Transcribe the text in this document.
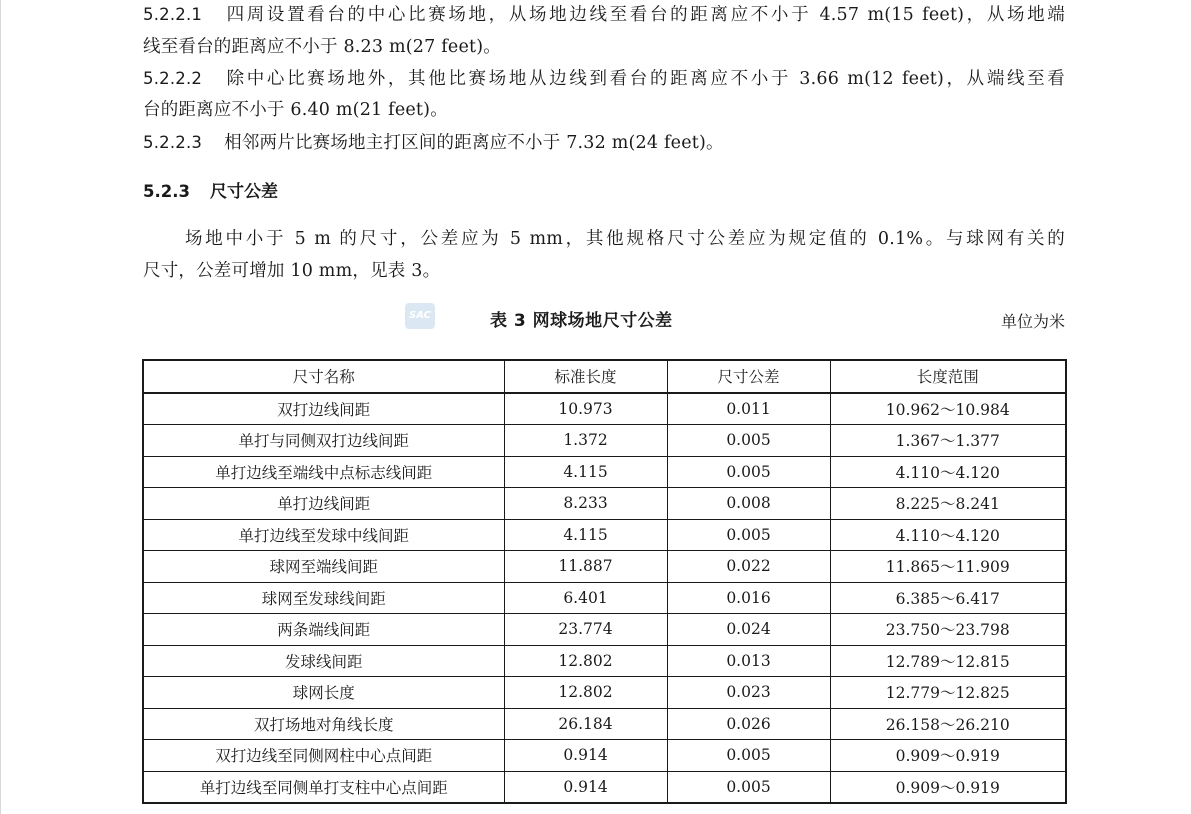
5.2.2.1 四周设置看台的中心比赛场地，从场地边线至看台的距离应不小于 4.57 m(15 feet)，从场地端
线至看台的距离应不小于 8.23 m(27 feet)。
5.2.2.2 除中心比赛场地外，其他比赛场地从边线到看台的距离应不小于 3.66 m(12 feet)，从端线至看
台的距离应不小于 6.40 m(21 feet)。
5.2.2.3 相邻两片比赛场地主打区间的距离应不小于 7.32 m(24 feet)。
5.2.3 尺寸公差
场地中小于 5 m 的尺寸，公差应为 5 mm，其他规格尺寸公差应为规定值的 0.1%。与球网有关的
尺寸，公差可增加 10 mm，见表 3。
SAC	表 3 网球场地尺寸公差	单位为米
尺寸名称	标准长度	尺寸公差	长度范围
双打边线间距	10.973	0.011	10.962～10.984
单打与同侧双打边线间距	1.372	0.005	1.367～1.377
单打边线至端线中点标志线间距	4.115	0.005	4.110～4.120
单打边线间距	8.233	0.008	8.225～8.241
单打边线至发球中线间距	4.115	0.005	4.110～4.120
球网至端线间距	11.887	0.022	11.865～11.909
球网至发球线间距	6.401	0.016	6.385～6.417
两条端线间距	23.774	0.024	23.750～23.798
发球线间距	12.802	0.013	12.789～12.815
球网长度	12.802	0.023	12.779～12.825
双打场地对角线长度	26.184	0.026	26.158～26.210
双打边线至同侧网柱中心点间距	0.914	0.005	0.909～0.919
单打边线至同侧单打支柱中心点间距	0.914	0.005	0.909～0.919
